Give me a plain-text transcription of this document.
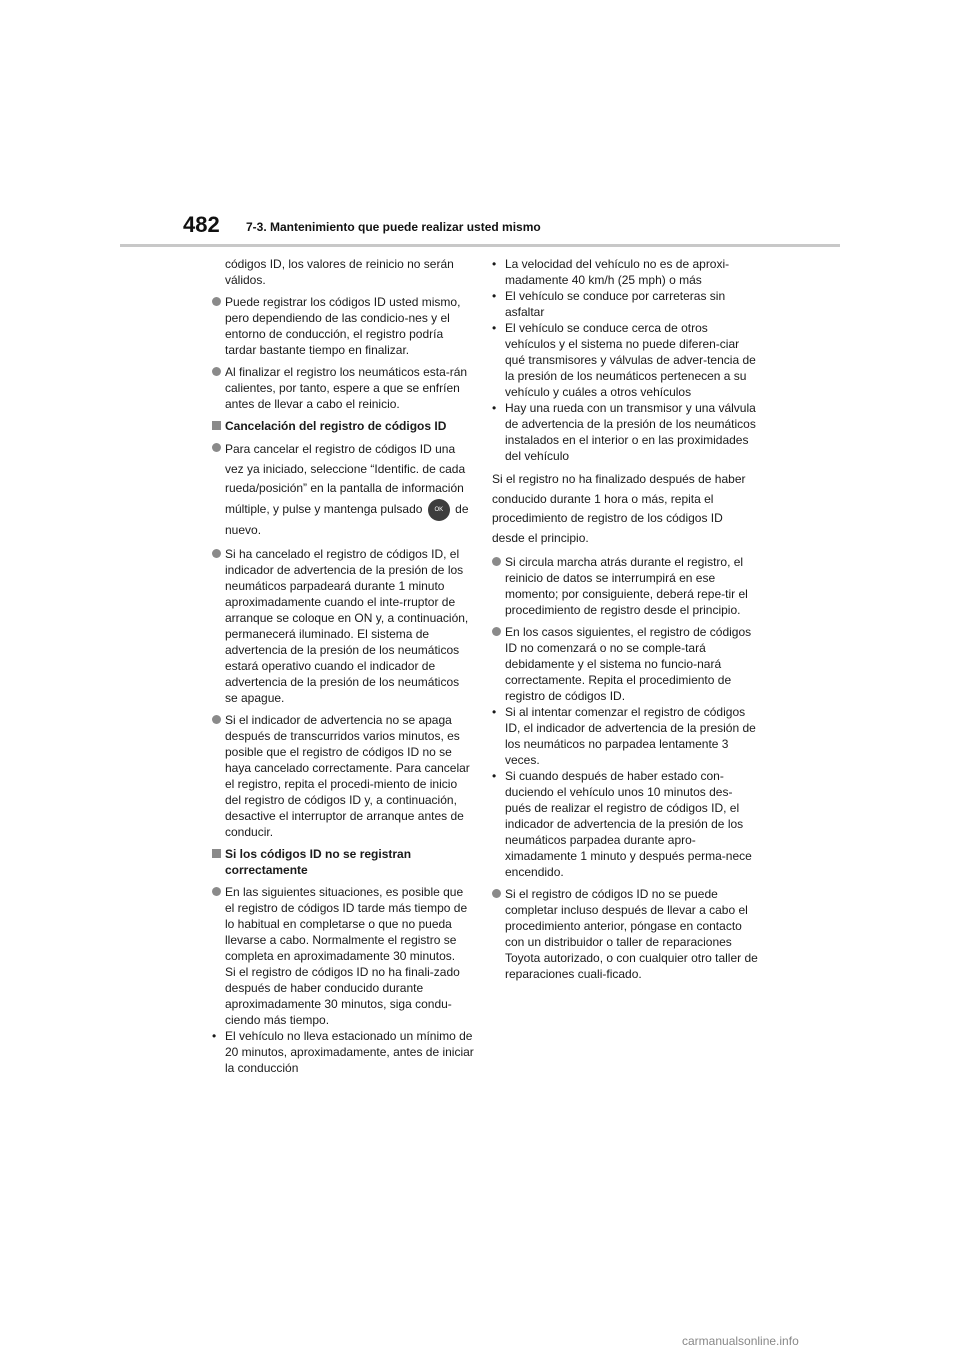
482 7-3. Mantenimiento que puede realizar usted mismo

códigos ID, los valores de reinicio no serán válidos.

Puede registrar los códigos ID usted mismo, pero dependiendo de las condicio-nes y el entorno de conducción, el registro podría tardar bastante tiempo en finalizar.
Al finalizar el registro los neumáticos esta-rán calientes, por tanto, espere a que se enfríen antes de llevar a cabo el reinicio.
Cancelación del registro de códigos ID
Para cancelar el registro de códigos ID una vez ya iniciado, seleccione “Identific. de cada rueda/posición” en la pantalla de información múltiple, y pulse y mantenga pulsado OK de nuevo.
Si ha cancelado el registro de códigos ID, el indicador de advertencia de la presión de los neumáticos parpadeará durante 1 minuto aproximadamente cuando el inte-rruptor de arranque se coloque en ON y, a continuación, permanecerá iluminado. El sistema de advertencia de la presión de los neumáticos estará operativo cuando el indicador de advertencia de la presión de los neumáticos se apague.
Si el indicador de advertencia no se apaga después de transcurridos varios minutos, es posible que el registro de códigos ID no se haya cancelado correctamente. Para cancelar el registro, repita el procedi-miento de inicio del registro de códigos ID y, a continuación, desactive el interruptor de arranque antes de conducir.
Si los códigos ID no se registran correctamente
En las siguientes situaciones, es posible que el registro de códigos ID tarde más tiempo de lo habitual en completarse o que no pueda llevarse a cabo. Normalmente el registro se completa en aproximadamente 30 minutos.
Si el registro de códigos ID no ha finali-zado después de haber conducido durante aproximadamente 30 minutos, siga condu-ciendo más tiempo.
• El vehículo no lleva estacionado un mínimo de 20 minutos, aproximadamente, antes de iniciar la conducción
• La velocidad del vehículo no es de aproxi-madamente 40 km/h (25 mph) o más
• El vehículo se conduce por carreteras sin asfaltar
• El vehículo se conduce cerca de otros vehículos y el sistema no puede diferen-ciar qué transmisores y válvulas de adver-tencia de la presión de los neumáticos pertenecen a su vehículo y cuáles a otros vehículos
• Hay una rueda con un transmisor y una válvula de advertencia de la presión de los neumáticos instalados en el interior o en las proximidades del vehículo

Si el registro no ha finalizado después de haber conducido durante 1 hora o más, repita el procedimiento de registro de los códigos ID desde el principio.

Si circula marcha atrás durante el registro, el reinicio de datos se interrumpirá en ese momento; por consiguiente, deberá repe-tir el procedimiento de registro desde el principio.
En los casos siguientes, el registro de códigos ID no comenzará o no se comple-tará debidamente y el sistema no funcio-nará correctamente. Repita el procedimiento de registro de códigos ID.
• Si al intentar comenzar el registro de códigos ID, el indicador de advertencia de la presión de los neumáticos no parpadea lentamente 3 veces.
• Si cuando después de haber estado con-duciendo el vehículo unos 10 minutos des-pués de realizar el registro de códigos ID, el indicador de advertencia de la presión de los neumáticos parpadea durante apro-ximadamente 1 minuto y después perma-nece encendido.
Si el registro de códigos ID no se puede completar incluso después de llevar a cabo el procedimiento anterior, póngase en contacto con un distribuidor o taller de reparaciones Toyota autorizado, o con cualquier otro taller de reparaciones cuali-ficado.
carmanualsonline.info
